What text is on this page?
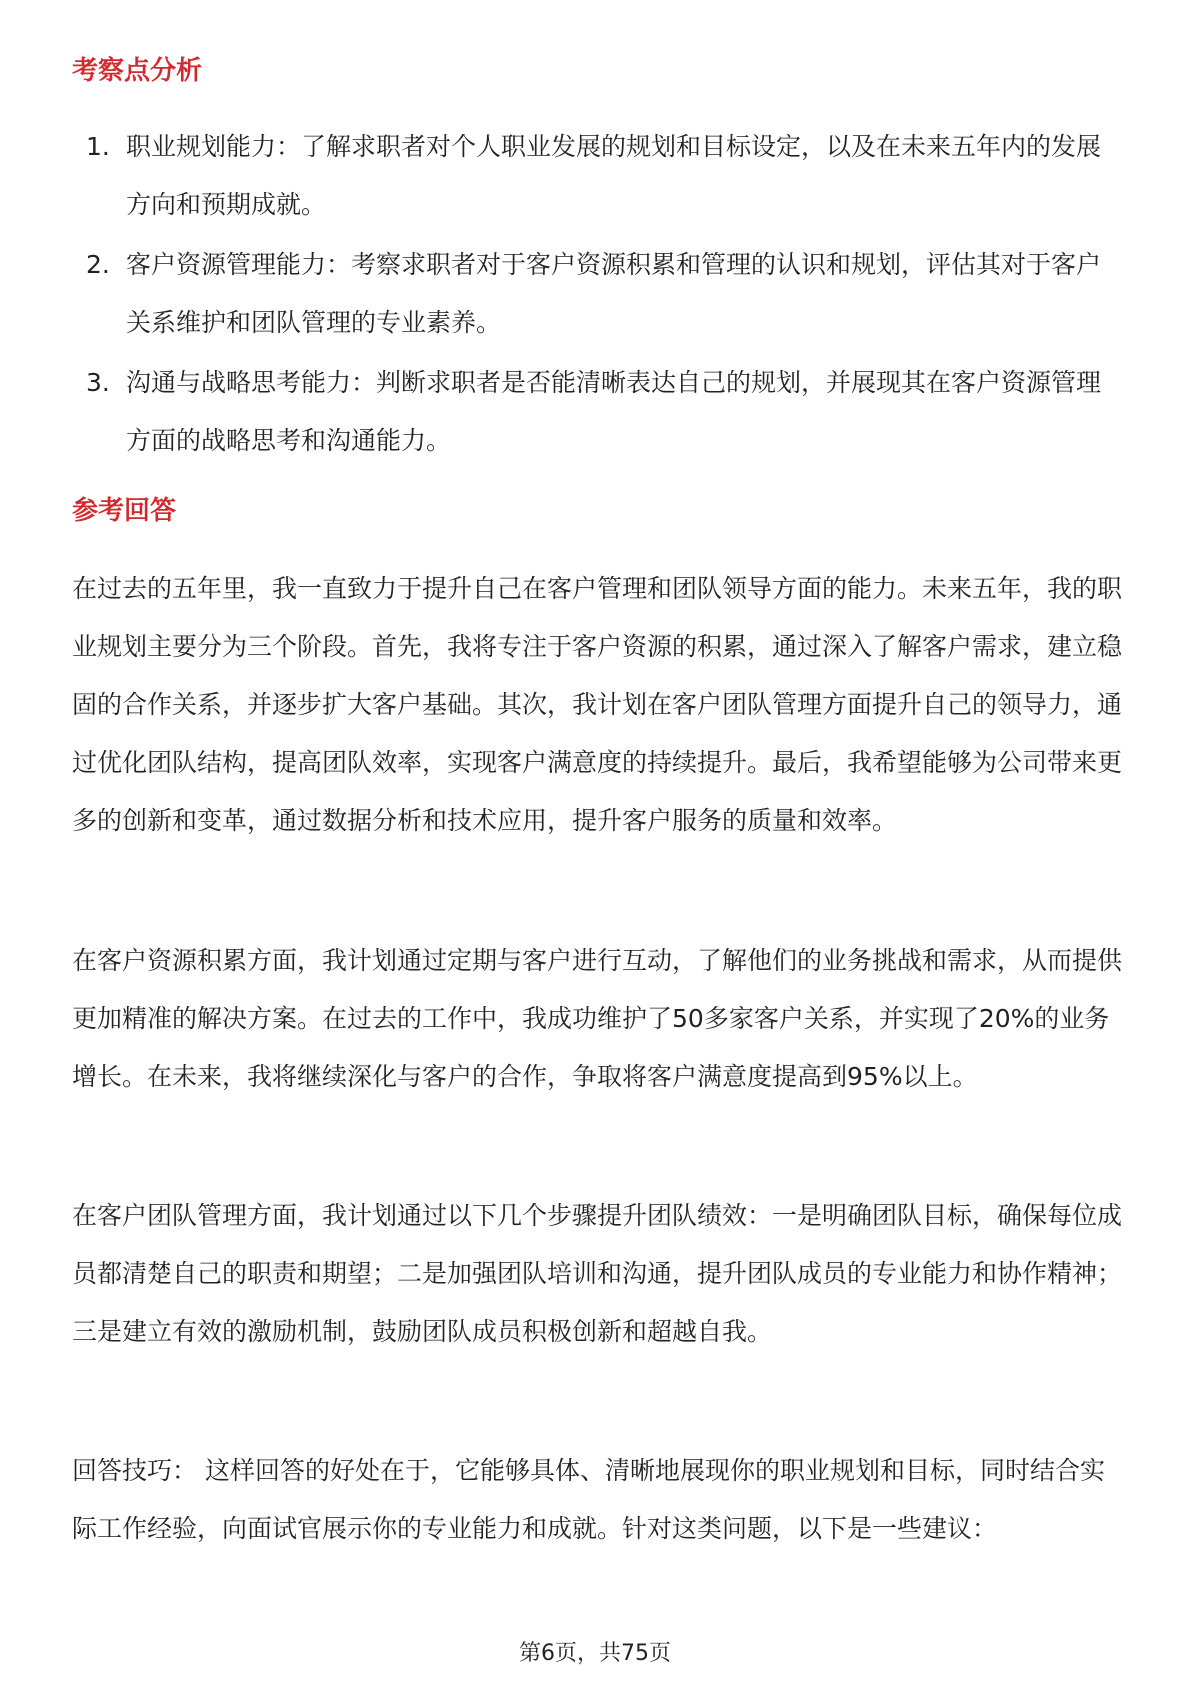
考察点分析
1. 职业规划能力：了解求职者对个人职业发展的规划和目标设定，以及在未来五年内的发展方向和预期成就。
2. 客户资源管理能力：考察求职者对于客户资源积累和管理的认识和规划，评估其对于客户关系维护和团队管理的专业素养。
3. 沟通与战略思考能力：判断求职者是否能清晰表达自己的规划，并展现其在客户资源管理方面的战略思考和沟通能力。
参考回答

在过去的五年里，我一直致力于提升自己在客户管理和团队领导方面的能力。未来五年，我的职业规划主要分为三个阶段。首先，我将专注于客户资源的积累，通过深入了解客户需求，建立稳固的合作关系，并逐步扩大客户基础。其次，我计划在客户团队管理方面提升自己的领导力，通过优化团队结构，提高团队效率，实现客户满意度的持续提升。最后，我希望能够为公司带来更多的创新和变革，通过数据分析和技术应用，提升客户服务的质量和效率。

在客户资源积累方面，我计划通过定期与客户进行互动，了解他们的业务挑战和需求，从而提供更加精准的解决方案。在过去的工作中，我成功维护了50多家客户关系，并实现了20%的业务增长。在未来，我将继续深化与客户的合作，争取将客户满意度提高到95%以上。

在客户团队管理方面，我计划通过以下几个步骤提升团队绩效：一是明确团队目标，确保每位成员都清楚自己的职责和期望；二是加强团队培训和沟通，提升团队成员的专业能力和协作精神；三是建立有效的激励机制，鼓励团队成员积极创新和超越自我。

回答技巧： 这样回答的好处在于，它能够具体、清晰地展现你的职业规划和目标，同时结合实际工作经验，向面试官展示你的专业能力和成就。针对这类问题，以下是一些建议：

第6页，共75页
